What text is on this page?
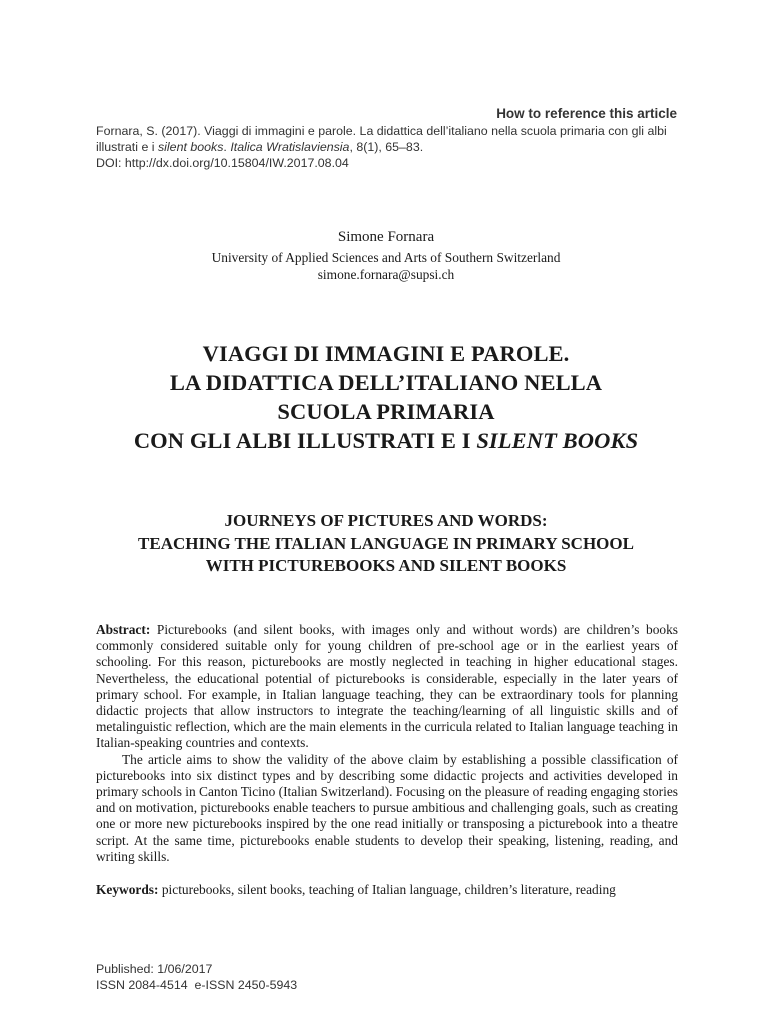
How to reference this article

Fornara, S. (2017). Viaggi di immagini e parole. La didattica dell’italiano nella scuola primaria con gli albi illustrati e i silent books. Italica Wratislaviensia, 8(1), 65–83.

DOI: http://dx.doi.org/10.15804/IW.2017.08.04

Simone Fornara
University of Applied Sciences and Arts of Southern Switzerland
simone.fornara@supsi.ch
VIAGGI DI IMMAGINI E PAROLE.
LA DIDATTICA DELL’ITALIANO NELLA
SCUOLA PRIMARIA
CON GLI ALBI ILLUSTRATI E I SILENT BOOKS
JOURNEYS OF PICTURES AND WORDS:
TEACHING THE ITALIAN LANGUAGE IN PRIMARY SCHOOL
WITH PICTUREBOOKS AND SILENT BOOKS

Abstract: Picturebooks (and silent books, with images only and without words) are children’s books commonly considered suitable only for young children of pre-school age or in the earliest years of schooling. For this reason, picturebooks are mostly neglected in teaching in higher educational stages. Nevertheless, the educational potential of picturebooks is considerable, especially in the later years of primary school. For example, in Italian language teaching, they can be extraordinary tools for planning didactic projects that allow instructors to integrate the teaching/learning of all linguistic skills and of metalinguistic reflection, which are the main elements in the curricula related to Italian language teaching in Italian-speaking countries and contexts.

The article aims to show the validity of the above claim by establishing a possible classification of picturebooks into six distinct types and by describing some didactic projects and activities developed in primary schools in Canton Ticino (Italian Switzerland). Focusing on the pleasure of reading engaging stories and on motivation, picturebooks enable teachers to pursue ambitious and challenging goals, such as creating one or more new picturebooks inspired by the one read initially or transposing a picturebook into a theatre script. At the same time, picturebooks enable students to develop their speaking, listening, reading, and writing skills.

Keywords: picturebooks, silent books, teaching of Italian language, children’s literature, reading
Published: 1/06/2017
ISSN 2084-4514  e-ISSN 2450-5943
